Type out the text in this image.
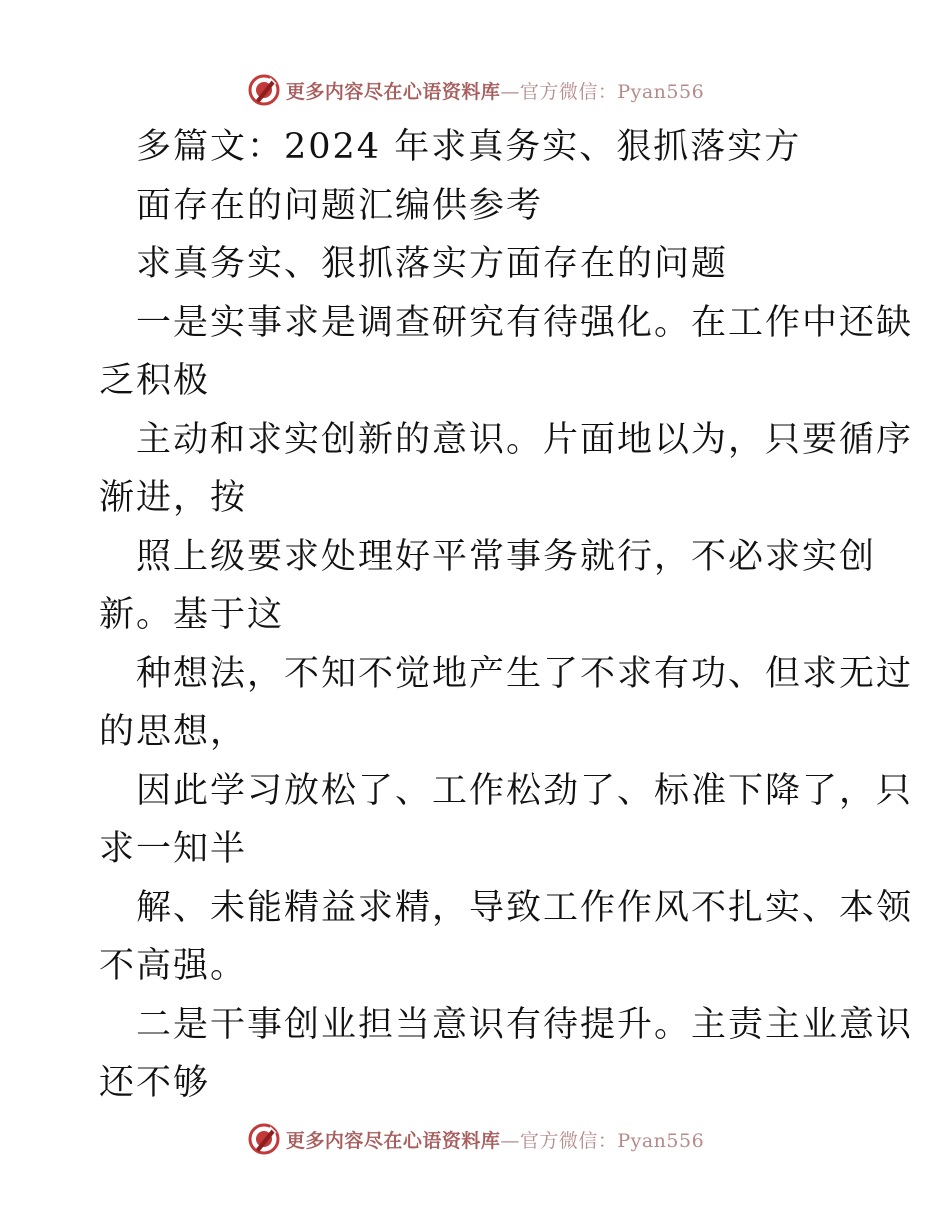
更多内容尽在心语资料库 —官方微信：Pyan556
多篇文：2024 年求真务实、狠抓落实方
面存在的问题汇编供参考
求真务实、狠抓落实方面存在的问题
一是实事求是调查研究有待强化。在工作中还缺
乏积极
主动和求实创新的意识。片面地以为，只要循序
渐进，按
照上级要求处理好平常事务就行，不必求实创
新。基于这
种想法，不知不觉地产生了不求有功、但求无过
的思想，
因此学习放松了、工作松劲了、标准下降了，只
求一知半
解、未能精益求精，导致工作作风不扎实、本领
不高强。
二是干事创业担当意识有待提升。主责主业意识
还不够
更多内容尽在心语资料库 —官方微信：Pyan556
